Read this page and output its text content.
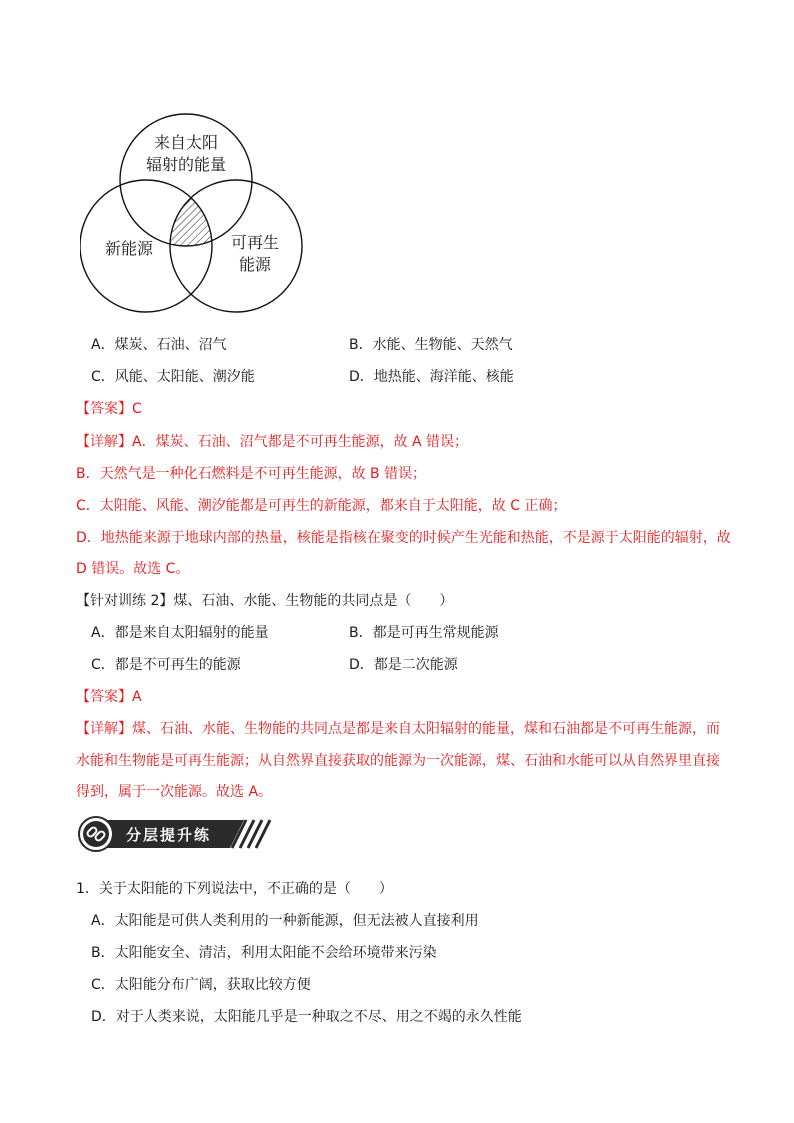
来自太阳
辐射的能量
新能源	可再生
能源
A．煤炭、石油、沼气	B．水能、生物能、天然气
C．风能、太阳能、潮汐能	D．地热能、海洋能、核能
【答案】C
【详解】A．煤炭、石油、沼气都是不可再生能源，故 A 错误；
B．天然气是一种化石燃料是不可再生能源，故 B 错误；
C．太阳能、风能、潮汐能都是可再生的新能源，都来自于太阳能，故 C 正确；
D．地热能来源于地球内部的热量，核能是指核在聚变的时候产生光能和热能，不是源于太阳能的辐射，故
D 错误。故选 C。
【针对训练 2】煤、石油、水能、生物能的共同点是（　　）
A．都是来自太阳辐射的能量	B．都是可再生常规能源
C．都是不可再生的能源	D．都是二次能源
【答案】A
【详解】煤、石油、水能、生物能的共同点是都是来自太阳辐射的能量，煤和石油都是不可再生能源，而
水能和生物能是可再生能源；从自然界直接获取的能源为一次能源，煤、石油和水能可以从自然界里直接
得到，属于一次能源。故选 A。
分层提升练
1．关于太阳能的下列说法中，不正确的是（　　）
A．太阳能是可供人类利用的一种新能源，但无法被人直接利用
B．太阳能安全、清洁，利用太阳能不会给环境带来污染
C．太阳能分布广阔，获取比较方便
D．对于人类来说，太阳能几乎是一种取之不尽、用之不竭的永久性能
